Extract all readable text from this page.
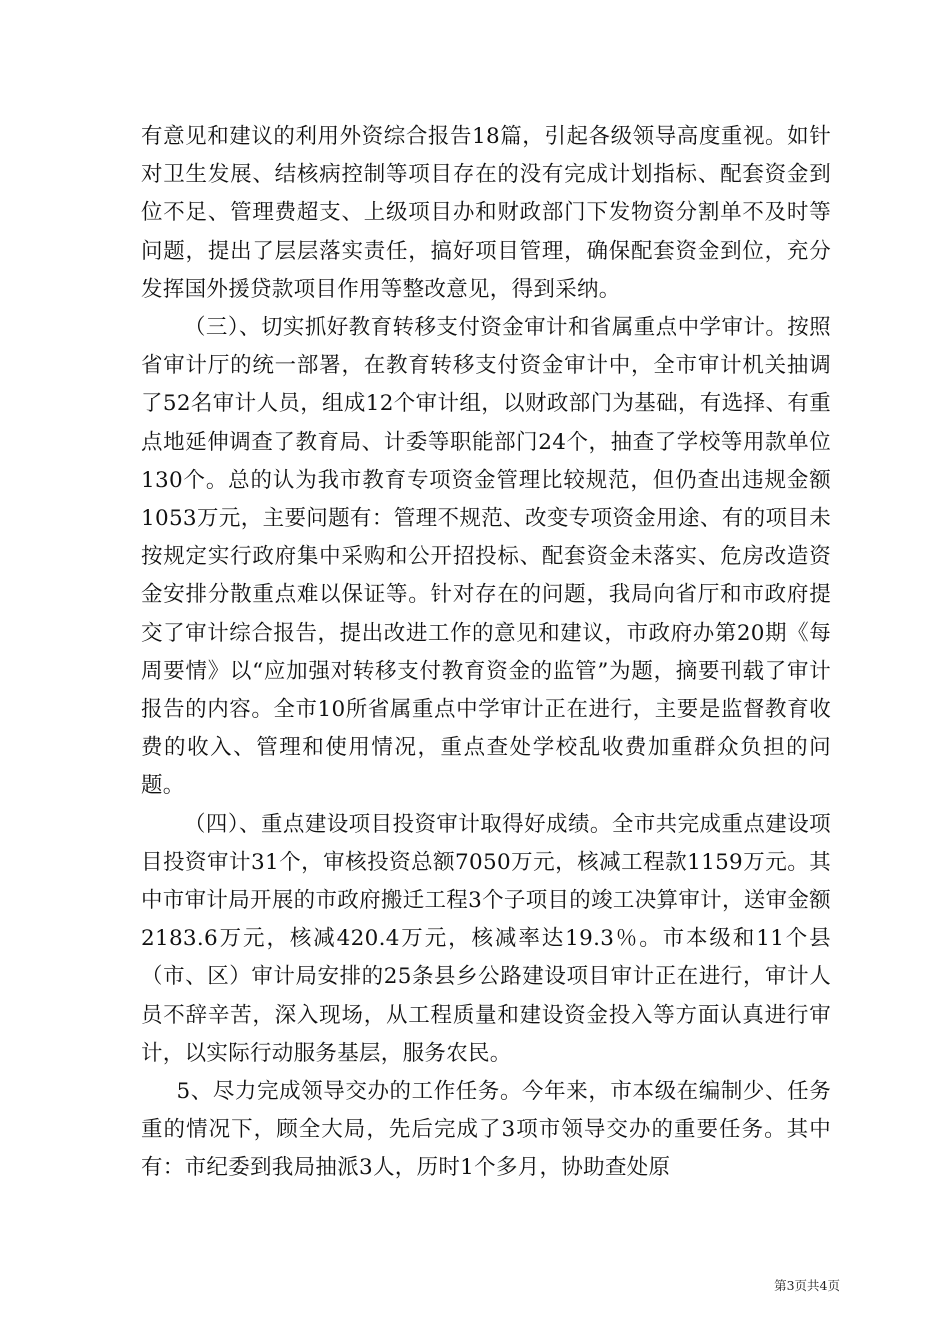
有意见和建议的利用外资综合报告18篇，引起各级领导高度重视。如针对卫生发展、结核病控制等项目存在的没有完成计划指标、配套资金到位不足、管理费超支、上级项目办和财政部门下发物资分割单不及时等问题，提出了层层落实责任，搞好项目管理，确保配套资金到位，充分发挥国外援贷款项目作用等整改意见，得到采纳。

（三）、切实抓好教育转移支付资金审计和省属重点中学审计。按照省审计厅的统一部署，在教育转移支付资金审计中，全市审计机关抽调了52名审计人员，组成12个审计组，以财政部门为基础，有选择、有重点地延伸调查了教育局、计委等职能部门24个，抽查了学校等用款单位130个。总的认为我市教育专项资金管理比较规范，但仍查出违规金额1053万元，主要问题有：管理不规范、改变专项资金用途、有的项目未按规定实行政府集中采购和公开招投标、配套资金未落实、危房改造资金安排分散重点难以保证等。针对存在的问题，我局向省厅和市政府提交了审计综合报告，提出改进工作的意见和建议，市政府办第20期《每周要情》以“应加强对转移支付教育资金的监管”为题，摘要刊载了审计报告的内容。全市10所省属重点中学审计正在进行，主要是监督教育收费的收入、管理和使用情况，重点查处学校乱收费加重群众负担的问题。

（四）、重点建设项目投资审计取得好成绩。全市共完成重点建设项目投资审计31个，审核投资总额7050万元，核减工程款1159万元。其中市审计局开展的市政府搬迁工程3个子项目的竣工决算审计，送审金额2183.6万元，核减420.4万元，核减率达19.3％。市本级和11个县（市、区）审计局安排的25条县乡公路建设项目审计正在进行，审计人员不辞辛苦，深入现场，从工程质量和建设资金投入等方面认真进行审计，以实际行动服务基层，服务农民。

5、尽力完成领导交办的工作任务。今年来，市本级在编制少、任务重的情况下，顾全大局，先后完成了3项市领导交办的重要任务。其中有：市纪委到我局抽派3人，历时1个多月，协助查处原

第3页共4页
